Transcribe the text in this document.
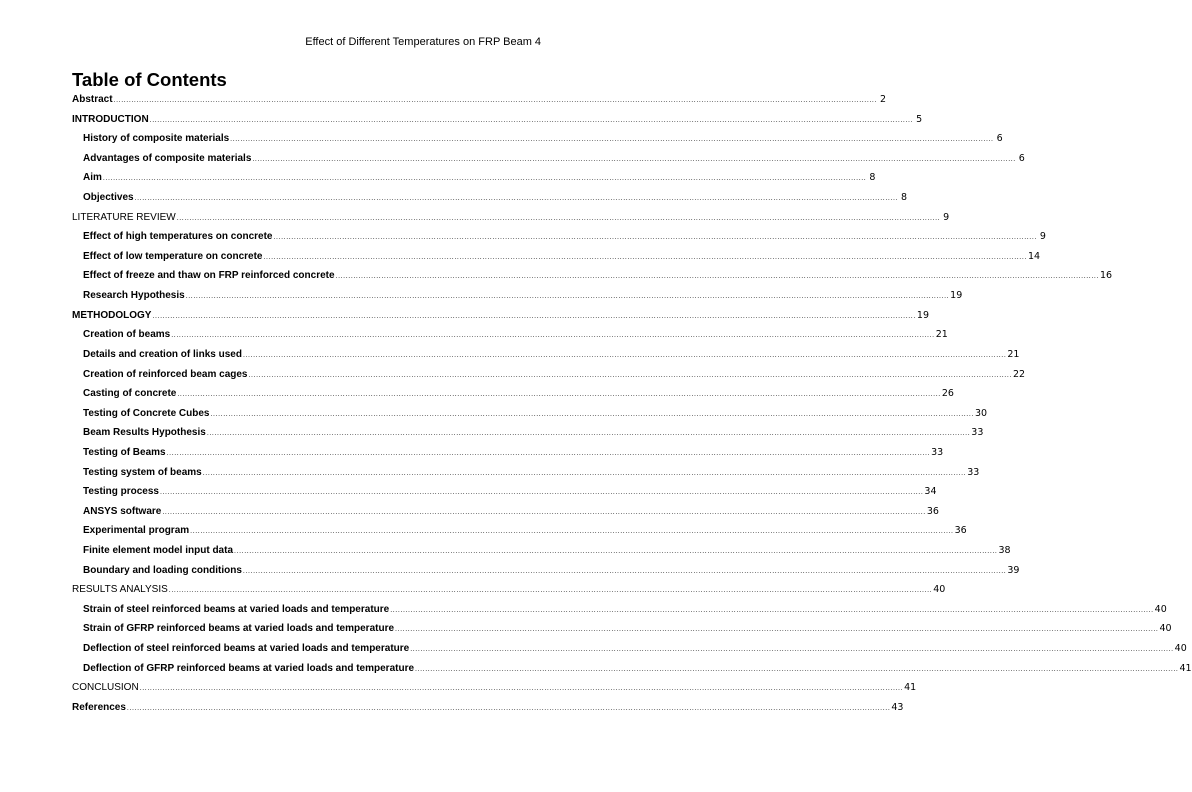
Effect of Different Temperatures on FRP Beam 4
Table of Contents
Abstract ............................................................................................................................................................................................................................................................................................................ 2
INTRODUCTION ............................................................................................................................................................................................................................................................................................................ 5
History of composite materials ............................................................................................................................................................................................................................................................................................................ 6
Advantages of composite materials ............................................................................................................................................................................................................................................................................................................ 6
Aim ............................................................................................................................................................................................................................................................................................................ 8
Objectives ............................................................................................................................................................................................................................................................................................................ 8
LITERATURE REVIEW ............................................................................................................................................................................................................................................................................................................ 9
Effect of high temperatures on concrete ............................................................................................................................................................................................................................................................................................................ 9
Effect of low temperature on concrete ............................................................................................................................................................................................................................................................................................................ 14
Effect of freeze and thaw on FRP reinforced concrete ............................................................................................................................................................................................................................................................................................................ 16
Research Hypothesis ............................................................................................................................................................................................................................................................................................................ 19
METHODOLOGY ............................................................................................................................................................................................................................................................................................................ 19
Creation of beams ............................................................................................................................................................................................................................................................................................................ 21
Details and creation of links used ............................................................................................................................................................................................................................................................................................................ 21
Creation of reinforced beam cages ............................................................................................................................................................................................................................................................................................................ 22
Casting of concrete ............................................................................................................................................................................................................................................................................................................ 26
Testing of Concrete Cubes ............................................................................................................................................................................................................................................................................................................ 30
Beam Results Hypothesis ............................................................................................................................................................................................................................................................................................................ 33
Testing of Beams ............................................................................................................................................................................................................................................................................................................ 33
Testing system of beams ............................................................................................................................................................................................................................................................................................................ 33
Testing process ............................................................................................................................................................................................................................................................................................................ 34
ANSYS software ............................................................................................................................................................................................................................................................................................................ 36
Experimental program ............................................................................................................................................................................................................................................................................................................ 36
Finite element model input data ............................................................................................................................................................................................................................................................................................................ 38
Boundary and loading conditions ............................................................................................................................................................................................................................................................................................................ 39
RESULTS ANALYSIS ............................................................................................................................................................................................................................................................................................................ 40
Strain of steel reinforced beams at varied loads and temperature ............................................................................................................................................................................................................................................................................................................ 40
Strain of GFRP reinforced beams at varied loads and temperature ............................................................................................................................................................................................................................................................................................................ 40
Deflection of steel reinforced beams at varied loads and temperature ............................................................................................................................................................................................................................................................................................................ 40
Deflection of GFRP reinforced beams at varied loads and temperature ............................................................................................................................................................................................................................................................................................................ 41
CONCLUSION ............................................................................................................................................................................................................................................................................................................ 41
References ............................................................................................................................................................................................................................................................................................................ 43
